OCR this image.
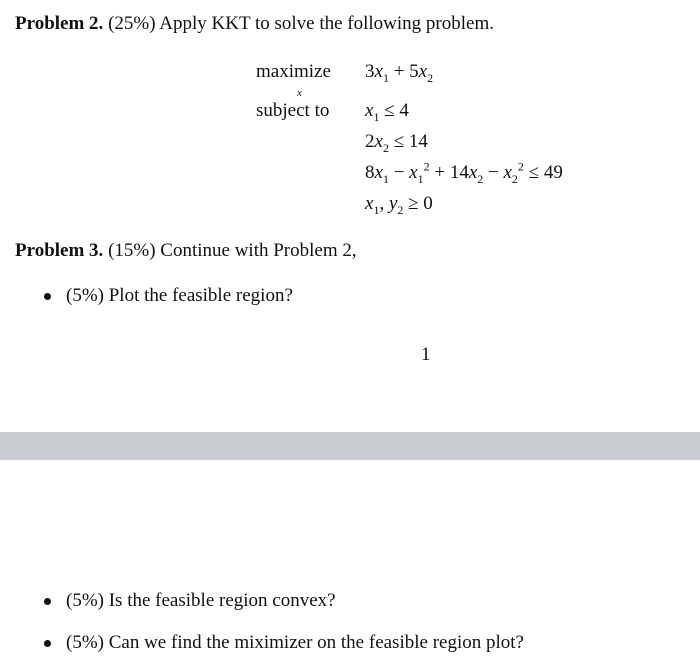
Problem 2. (25%) Apply KKT to solve the following problem.
maximize
x
$3x_1 + 5x_2$
subject to $x_1 \le 4$
$2x_2 \le 14$
$8x_1 - x_1^2 + 14x_2 - x_2^2 \le 49$
$x_1$, $y_2 \ge 0$
Problem 3. (15%) Continue with Problem 2,
(5%) Plot the feasible region?
1
(5%) Is the feasible region convex?
(5%) Can we find the miximizer on the feasible region plot?
